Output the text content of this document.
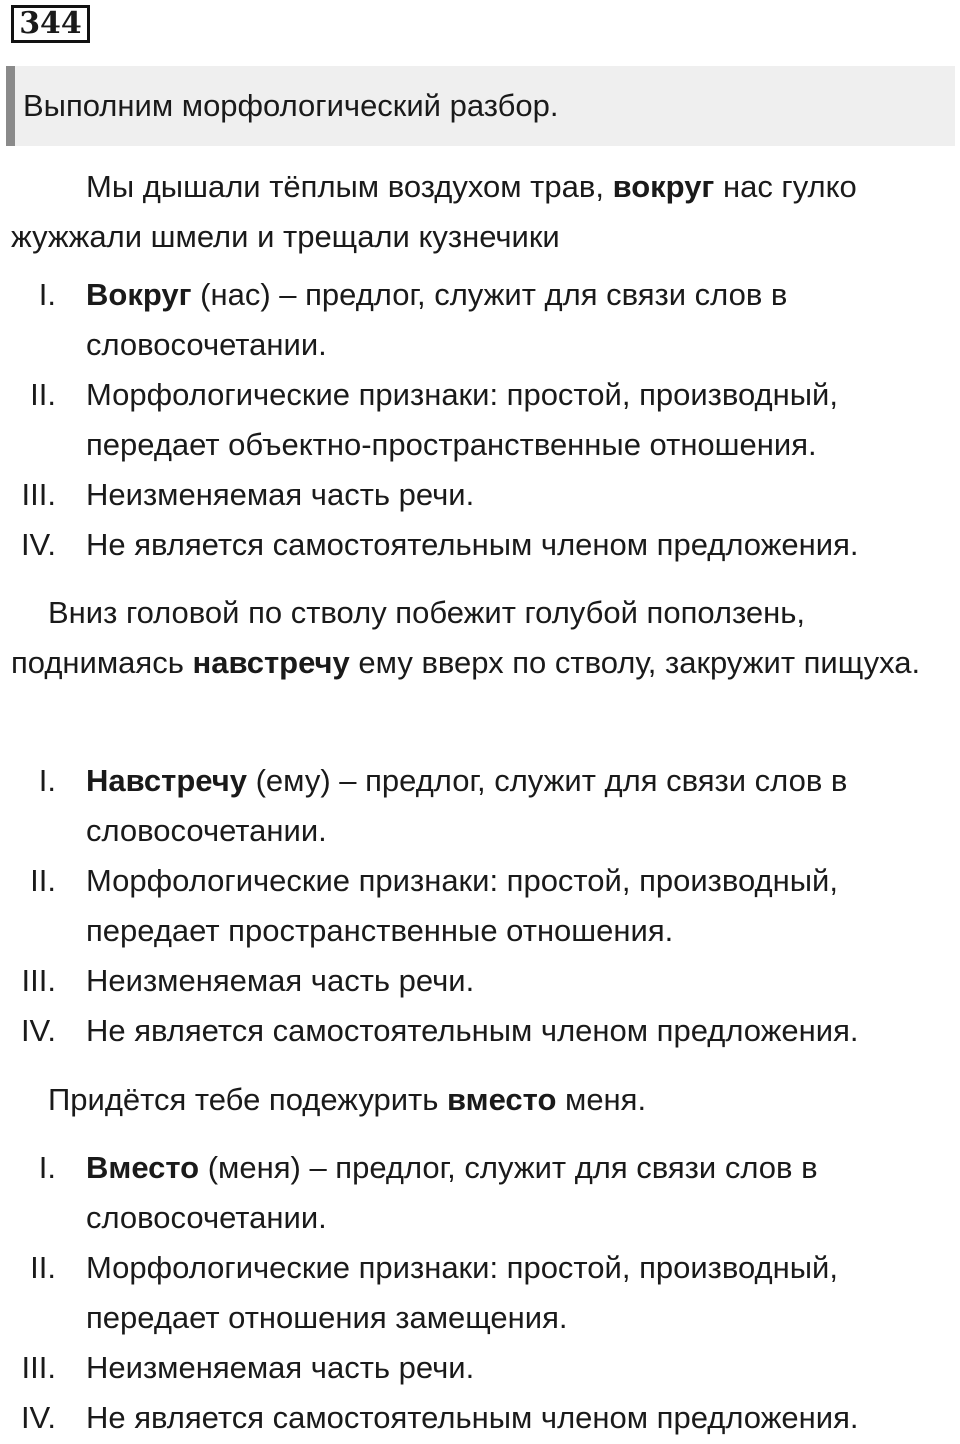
344
Выполним морфологический разбор.

Мы дышали тёплым воздухом трав, вокруг нас гулко жужжали шмели и трещали кузнечики

I. Вокруг (нас) – предлог, служит для связи слов в словосочетании.
II. Морфологические признаки: простой, производный, передает объектно-пространственные отношения.
III. Неизменяемая часть речи.
IV. Не является самостоятельным членом предложения.

Вниз головой по стволу побежит голубой поползень, поднимаясь навстречу ему вверх по стволу, закружит пищуха.

I. Навстречу (ему) – предлог, служит для связи слов в словосочетании.
II. Морфологические признаки: простой, производный, передает пространственные отношения.
III. Неизменяемая часть речи.
IV. Не является самостоятельным членом предложения.

Придётся тебе подежурить вместо меня.

I. Вместо (меня) – предлог, служит для связи слов в словосочетании.
II. Морфологические признаки: простой, производный, передает отношения замещения.
III. Неизменяемая часть речи.
IV. Не является самостоятельным членом предложения.
